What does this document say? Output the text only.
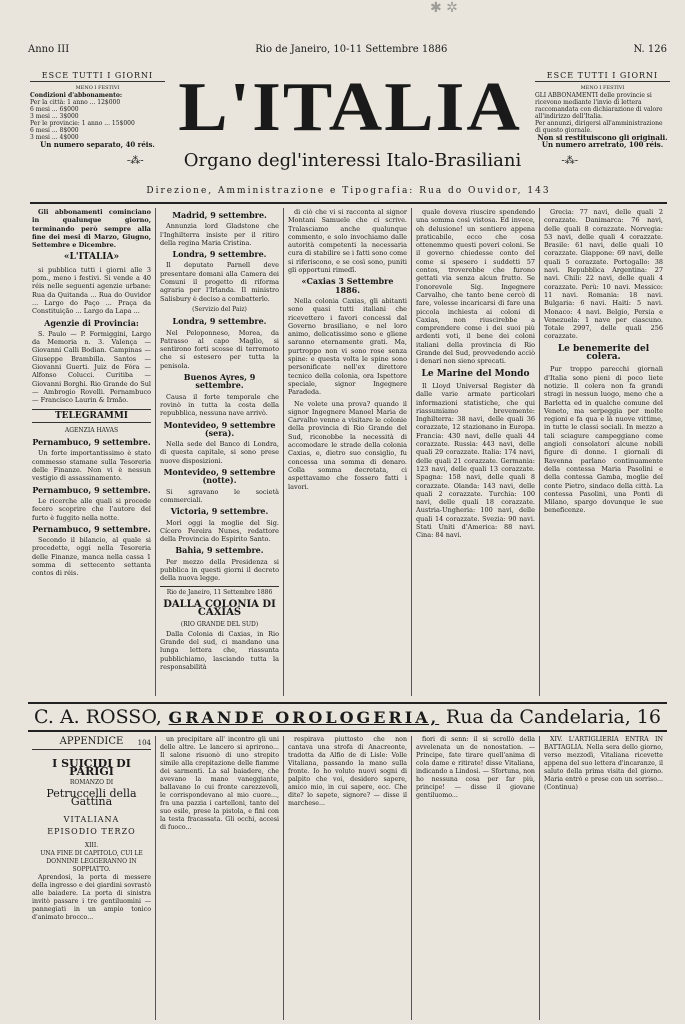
✱ ✲
Anno III	Rio de Janeiro, 10-11 Settembre 1886	N. 126
ESCE TUTTI I GIORNI
MENO I FESTIVI
Condizioni d'abbonamento:
Per la città: 1 anno ... 12$000
6 mesi ... 6$000
3 mesi ... 3$000
Per le provincie: 1 anno ... 15$000
6 mesi ... 8$000
3 mesi ... 4$000
Un numero separato, 40 réis. L'ITALIA	ESCE TUTTI I GIORNI
MENO I FESTIVI
GLI ABBONAMENTI delle provincie si ricevono mediante l'invio di lettera raccomandata con dichiarazione di valore all'indirizzo dell'Italia.
Per annunzi, dirigersi all'amministrazione di questo giornale.
Non si restituiscono gli originali. Un numero arretrato, 100 réis.
-⁂- Organo degl'interessi Italo-Brasiliani	-⁂-
Direzione, Amministrazione e Tipografia: Rua do Ouvidor, 143

Gli abbonamenti cominciano in qualunque giorno, terminando però sempre alla fine dei mesi di Marzo, Giugno, Settembre e Dicembre.

«L'ITALIA»

si pubblica tutti i giorni alle 3 pom., meno i festivi. Si vende a 40 réis nelle seguenti agenzie urbane: Rua da Quitanda ... Rua do Ouvidor ... Largo do Paço ... Praça da Constituição ... Largo da Lapa ...

Agenzie di Provincia:

S. Paulo — P. Formiggini, Largo da Memoria n. 3. Valença — Giovanni Calli Bodian. Campinas — Giuseppe Brambilla. Santos — Giovanni Guerti. Juiz de Fóra — Alfonso Colucci. Curitiba — Giovanni Borghi. Rio Grande do Sul — Ambrogio Rovelli. Pernambuco — Francisco Laurin & Irmão.

TELEGRAMMI
AGENZIA HAVAS
Pernambuco, 9 settembre.

Un forte importantissimo è stato commesso stamane sulla Tesoreria delle Finanze. Non vi è nessun vestigio di assassinamento.

Pernambuco, 9 settembre.

Le ricerche alle quali si procede fecero scoprire che l'autore del furto è fuggito nella notte.

Pernambuco, 9 settembre.

Secondo il bilancio, al quale si procedette, oggi nella Tesoreria delle Finanze, manca nella cassa 1 somma di settecento settanta contos di réis.

Madrid, 9 settembre.

Annunzia lord Gladstone che l'Inghilterra insiste per il ritiro della regina Maria Cristina.

Londra, 9 settembre.

Il deputato Parnell deve presentare domani alla Camera dei Comuni il progetto di riforma agraria per l'Irlanda. Il ministro Salisbury è deciso a combatterlo.

(Servizio del Paiz)
Londra, 9 settembre.

Nel Peloponneso, Morea, da Patrasso al capo Maglio, si sentirono forti scosse di terremoto che si estesero per tutta la penisola.

Buenos Ayres, 9 settembre.

Causa il forte temporale che rovinò in tutta la costa della repubblica, nessuna nave arrivò.

Montevideo, 9 settembre (sera).

Nella sede del Banco di Londra, di questa capitale, si sono prese nuove disposizioni.

Montevideo, 9 settembre (notte).

Si sgravano le società commerciali.

Victoria, 9 settembre.

Morì oggi la moglie del Sig. Cícero Pereira Nunes, redattore della Provincia do Espirito Santo.

Bahia, 9 settembre.

Per mezzo della Presidenza si pubblica in questi giorni il decreto della nuova legge.

Rio de Janeiro, 11 Settembre 1886
DALLA COLONIA DI CAXIAS
(RIO GRANDE DEL SUD)

Dalla Colonia di Caxias, in Rio Grande del sud, ci mandano una lunga lettera che, riassunta pubblichiamo, lasciando tutta la responsabilità

di ciò che vi si racconta al signor Montani Samuele che ci scrive. Tralasciamo anche qualunque commento, e solo invochiamo dalle autorità competenti la necessaria cura di stabilire se i fatti sono come si riferiscono, e se così sono, puniti gli opportuni rimedî.

«Caxias 3 Settembre 1886.

Nella colonia Caxias, gli abitanti sono quasi tutti italiani che ricevettero i favori concessi dal Governo brasiliano, e nel loro animo, delicatissimo sono e gliene saranno eternamente grati. Ma, purtroppo non vi sono rose senza spine: e questa volta le spine sono personificate nell'ex direttore tecnico della colonia, ora Ispettore speciale, signor Ingegnere Paradeda.

Ne volete una prova? quando il signor Ingegnere Manoel Maria de Carvalho venne a visitare le colonie della provincia di Rio Grande del Sud, riconobbe la necessità di accomodare le strade della colonia Caxias, e, dietro suo consiglio, fu concessa una somma di denaro. Colla somma decretata, ci aspettavamo che fossero fatti i lavori.

quale doveva riuscire spendendo una somma così vistosa. Ed invece, oh delusione! un sentiero appena praticabile, ecco che cosa ottenemmo questi poveri coloni. Se il governo chiedesse conto del come si spesero i suddetti 57 contos, troverebbe che furono gettati via senza alcun frutto. Se l'onorevole Sig. Ingegnere Carvalho, che tanto bene cercò di fare, volesse incaricarsi di fare una piccola inchiesta ai coloni di Caxias, non riuscirebbe a comprendere come i dei suoi più ardenti voti, il bene dei coloni italiani della provincia di Rio Grande del Sud, provvedendo acciò i denari non sieno sprecati.

Le Marine del Mondo

Il Lloyd Universal Register dà dalle varie armate particolari informazioni statistiche, che qui riassumiamo brevemente: Inghilterra: 38 navi, delle quali 36 corazzate, 12 stazionano in Europa. Francia: 430 navi, delle quali 44 corazzate. Russia: 443 navi, delle quali 29 corazzate. Italia: 174 navi, delle quali 21 corazzate. Germania: 123 navi, delle quali 13 corazzate. Spagna: 158 navi, delle quali 8 corazzate. Olanda: 143 navi, delle quali 2 corazzate. Turchia: 100 navi, delle quali 18 corazzate. Austria-Ungheria: 100 navi, delle quali 14 corazzate. Svezia: 90 navi. Stati Uniti d'America: 88 navi. Cina: 84 navi.

Grecia: 77 navi, delle quali 2 corazzate. Danimarca: 76 navi, delle quali 8 corazzate. Norvegia: 53 navi, delle quali 4 corazzate. Brasile: 61 navi, delle quali 10 corazzate. Giappone: 69 navi, delle quali 5 corazzate. Portogallo: 38 navi. Repubblica Argentina: 27 navi. Chili: 22 navi, delle quali 4 corazzate. Perù: 10 navi. Messico: 11 navi. Romania: 18 navi. Bulgaria: 6 navi. Haiti: 5 navi. Monaco: 4 navi. Belgio, Persia e Venezuela: 1 nave per ciascuno. Totale 2997, delle quali 256 corazzate.

Le benemerite del colera.

Pur troppo parecchi giornali d'Italia sono pieni di poco liete notizie. Il colera non fa grandi stragi in nessun luogo, meno che a Barletta ed in qualche comune del Veneto, ma serpeggia per molte regioni e fa qua e là nuove vittime, in tutte le classi sociali. In mezzo a tali sciagure campeggiano come angioli consolatori alcune nobili figure di donne. I giornali di Ravenna parlano continuamente della contessa Maria Pasolini e della contessa Gamba, moglie del conte Pietro, sindaco della città. La contessa Pasolini, una Ponti di Milano, spargo dovunque le sue beneficenze.

C. A. ROSSO, GRANDE OROLOGERIA, Rua da Candelaria, 16
APPENDICE 104
I SUICIDI DI PARIGI
ROMANZO DI
Petruccelli della Gattina
VITALIANA
EPISODIO TERZO
XIII.
UNA FINE DI CAPITOLO, CUI LE DONNINE LEGGERANNO IN SOPPIATTO.

Aprendosi, la porta di messere della ingresso e dei giardini sovrastò alle baiadere. La porta di sinistra invitò passare i tre gentiluomini — pannegiati in un ampio tonico d'animato brocco...

un precipitare all' incontro gli uni delle altre. Le lancero si aprirono... Il salone risuonò di uno strepito simile alla crepitazione delle fiamme dei sarmenti. La sal baiadere, che avevano la mano vaneggiante, ballavano lo cui fronte carezzevoli, le corrispondevano al mio cuore..., fra una pazzia i cartelloni, tanto del suo esile, prese la pistola, e finì con la testa fracassata. Gli occhi, accesi di fuoco...

respirava piuttosto che non cantava una strofa di Anacreonte, tradotta da Alfio de di Lisle: Volle Vitaliana, passando la mano sulla fronte. Io ho voluto nuovi sogni di palpito che voi, desidero sapere, amico mio, in cui sapere, ecc. Che dite? lo sapete, signore? — disse il marchese...

fiori di senn: il si scrollò della avvelenata un de nonostation. — Principe, fate tirare quell'anima di cola dame e ritirate! disse Vitaliana, indicando a Lindosi. — Sfortuna, non ho nessuna cosa per far più, principe! — disse il giovane gentiluomo...

XIV. L'ARTIGLIERIA ENTRA IN BATTAGLIA. Nella sera dello giorno, verso mezzodì, Vitaliana ricevette appena del suo lettera d'incaranze, il saluto della prima visita del giorno. Maria entrò e prese con un sorriso... (Continua)
